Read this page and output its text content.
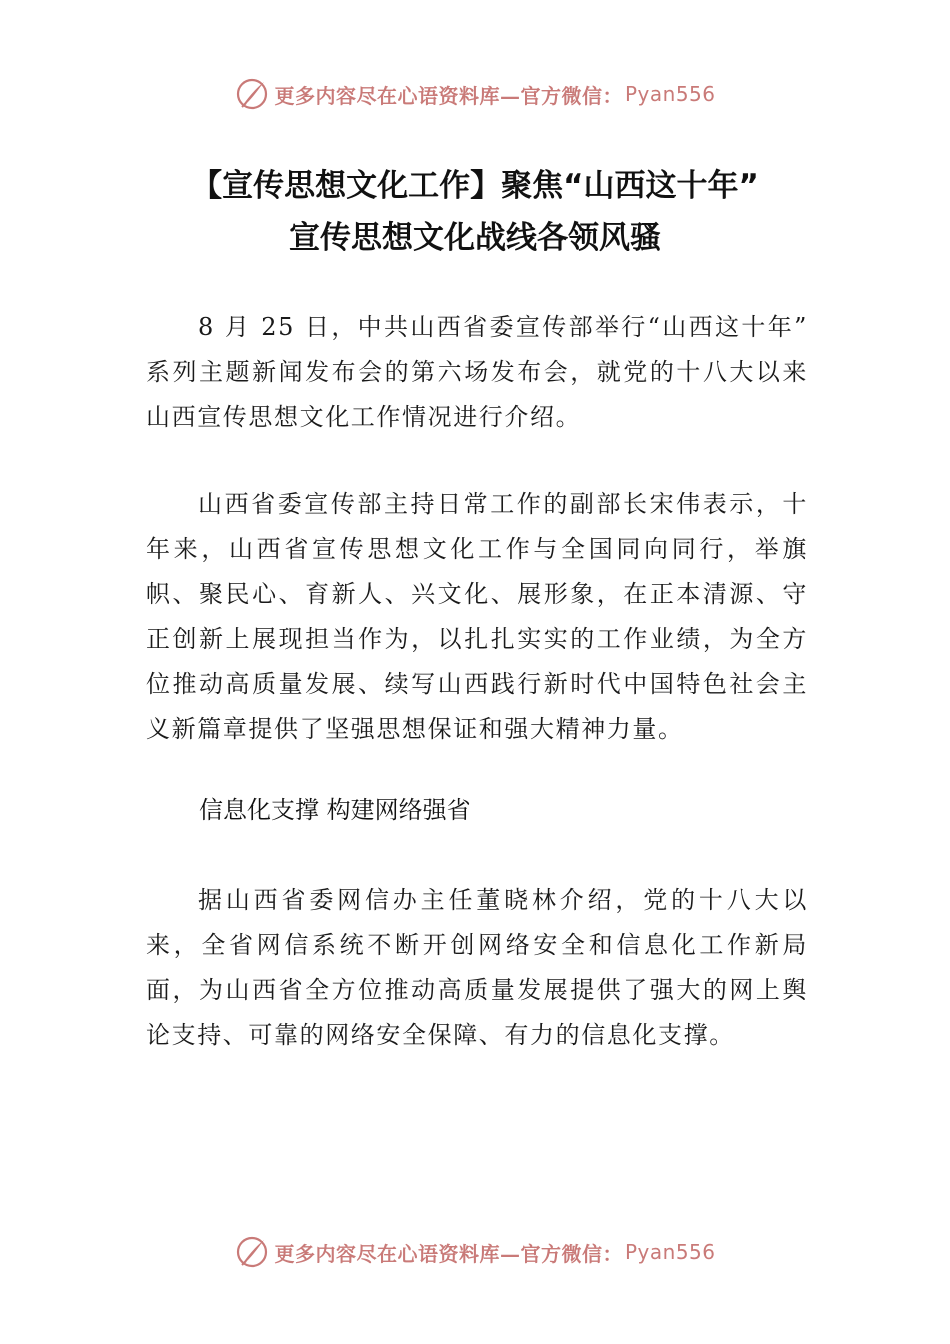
更多内容尽在心语资料库—官方微信： Pyan556
【宣传思想文化工作】聚焦“山西这十年”
宣传思想文化战线各领风骚

8 月 25 日，中共山西省委宣传部举行“山西这十年” 系列主题新闻发布会的第六场发布会，就党的十八大以来山西宣传思想文化工作情况进行介绍。

山西省委宣传部主持日常工作的副部长宋伟表示，十年来，山西省宣传思想文化工作与全国同向同行，举旗帜、聚民心、育新人、兴文化、展形象，在正本清源、守正创新上展现担当作为，以扎扎实实的工作业绩，为全方位推动高质量发展、续写山西践行新时代中国特色社会主义新篇章提供了坚强思想保证和强大精神力量。

信息化支撑 构建网络强省

据山西省委网信办主任董晓林介绍，党的十八大以来，全省网信系统不断开创网络安全和信息化工作新局面，为山西省全方位推动高质量发展提供了强大的网上舆论支持、可靠的网络安全保障、有力的信息化支撑。

更多内容尽在心语资料库—官方微信： Pyan556
